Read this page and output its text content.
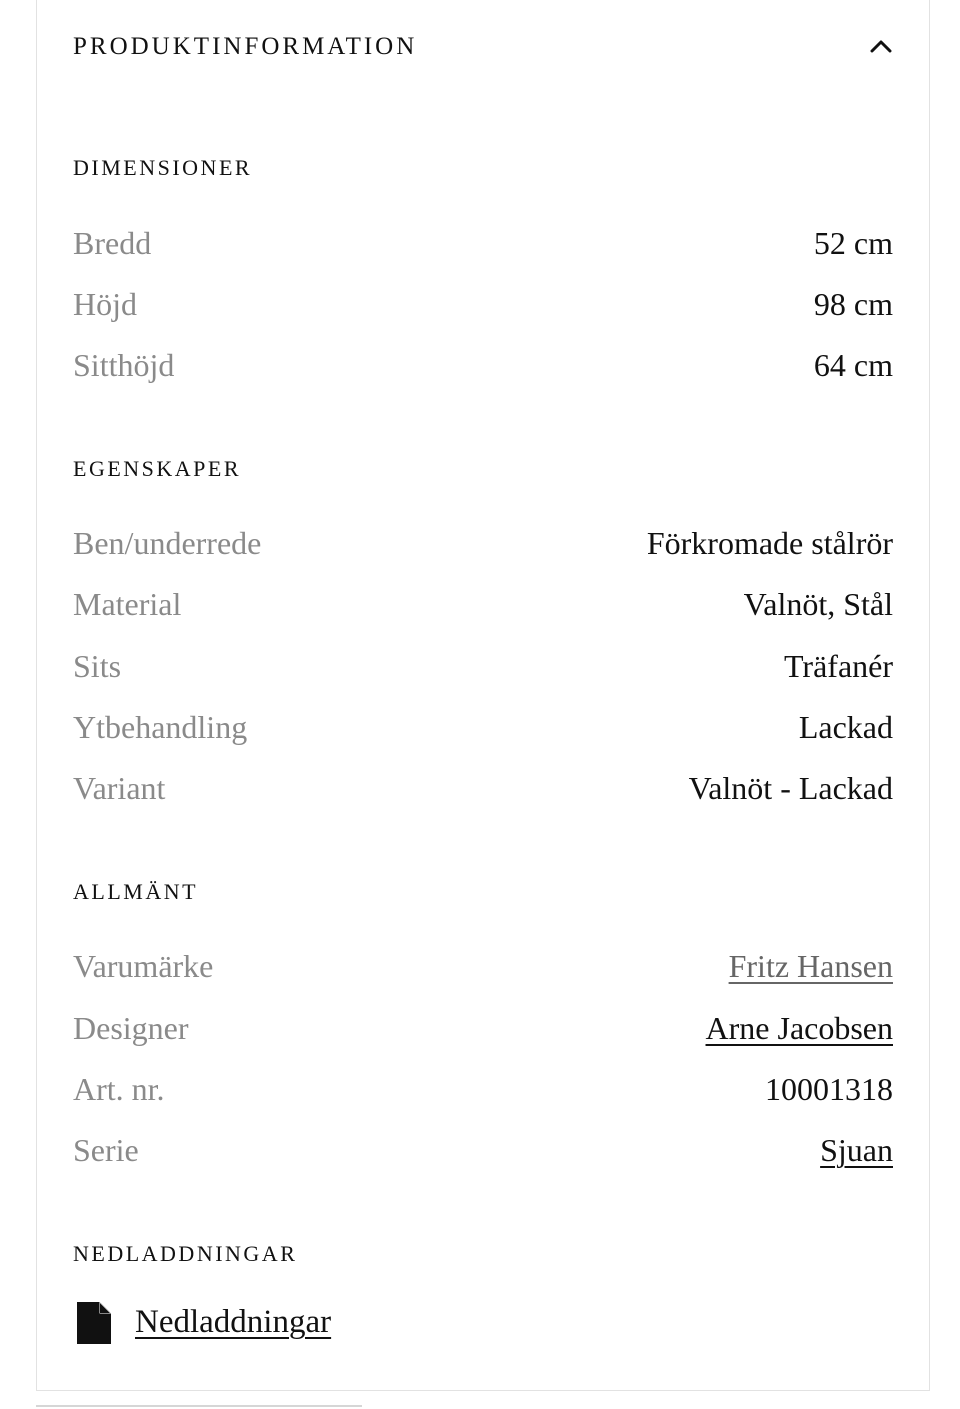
PRODUKTINFORMATION
DIMENSIONER
Bredd	52 cm
Höjd	98 cm
Sitthöjd	64 cm
EGENSKAPER
Ben/underrede	Förkromade stålrör
Material	Valnöt, Stål
Sits	Träfanér
Ytbehandling	Lackad
Variant	Valnöt - Lackad
ALLMÄNT
Varumärke	Fritz Hansen
Designer	Arne Jacobsen
Art. nr.	10001318
Serie	Sjuan
NEDLADDNINGAR
Nedladdningar
